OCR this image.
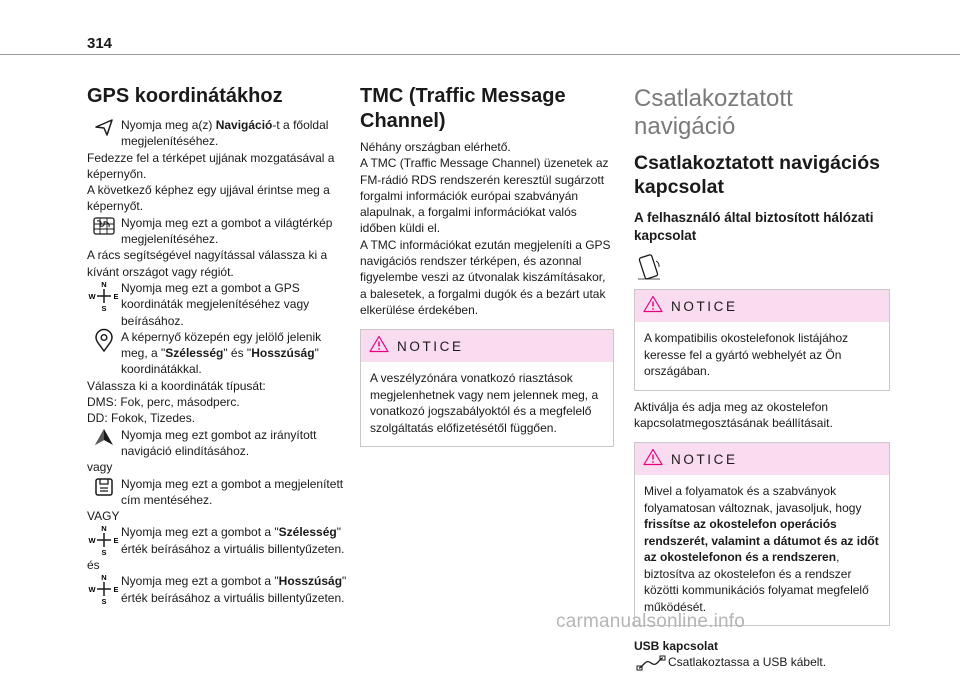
314
GPS koordinátákhoz
Nyomja meg a(z) Navigáció-t a főoldal megjelenítéséhez.
Fedezze fel a térképet ujjának mozgatásával a képernyőn.
A következő képhez egy ujjával érintse meg a képernyőt.
Nyomja meg ezt a gombot a világtérkép megjelenítéséhez.
A rács segítségével nagyítással válassza ki a kívánt országot vagy régiót.
N
W E
S
Nyomja meg ezt a gombot a GPS koordináták megjelenítéséhez vagy beírásához.
A képernyő közepén egy jelölő jelenik meg, a "Szélesség" és "Hosszúság" koordinátákkal.
Válassza ki a koordináták típusát:
DMS: Fok, perc, másodperc.
DD: Fokok, Tizedes.
Nyomja meg ezt gombot az irányított navigáció elindításához.
vagy
Nyomja meg ezt a gombot a megjelenített cím mentéséhez.
VAGY
N
W E
S
Nyomja meg ezt a gombot a "Szélesség" érték beírásához a virtuális billentyűzeten.
és
N
W E
S
Nyomja meg ezt a gombot a "Hosszúság" érték beírásához a virtuális billentyűzeten.
TMC (Traffic Message Channel)
Néhány országban elérhető.
A TMC (Traffic Message Channel) üzenetek az FM-rádió RDS rendszerén keresztül sugárzott forgalmi információk európai szabványán alapulnak, a forgalmi információkat valós időben küldi el.
A TMC információkat ezután megjeleníti a GPS navigációs rendszer térképen, és azonnal figyelembe veszi az útvonalak kiszámításakor, a balesetek, a forgalmi dugók és a bezárt utak elkerülése érdekében.
NOTICE
A veszélyzónára vonatkozó riasztások megjelenhetnek vagy nem jelennek meg, a vonatkozó jogszabályoktól és a megfelelő szolgáltatás előfizetésétől függően.
Csatlakoztatott navigáció
Csatlakoztatott navigációs kapcsolat
A felhasználó által biztosított hálózati kapcsolat
NOTICE
A kompatibilis okostelefonok listájához keresse fel a gyártó webhelyét az Ön országában.
Aktiválja és adja meg az okostelefon kapcsolatmegosztásának beállításait.
NOTICE
Mivel a folyamatok és a szabványok folyamatosan változnak, javasoljuk, hogy frissítse az okostelefon operációs rendszerét, valamint a dátumot és az időt az okostelefonon és a rendszeren, biztosítva az okostelefon és a rendszer közötti kommunikációs folyamat megfelelő működését.
USB kapcsolat
Csatlakoztassa a USB kábelt.
carmanualsonline.info
